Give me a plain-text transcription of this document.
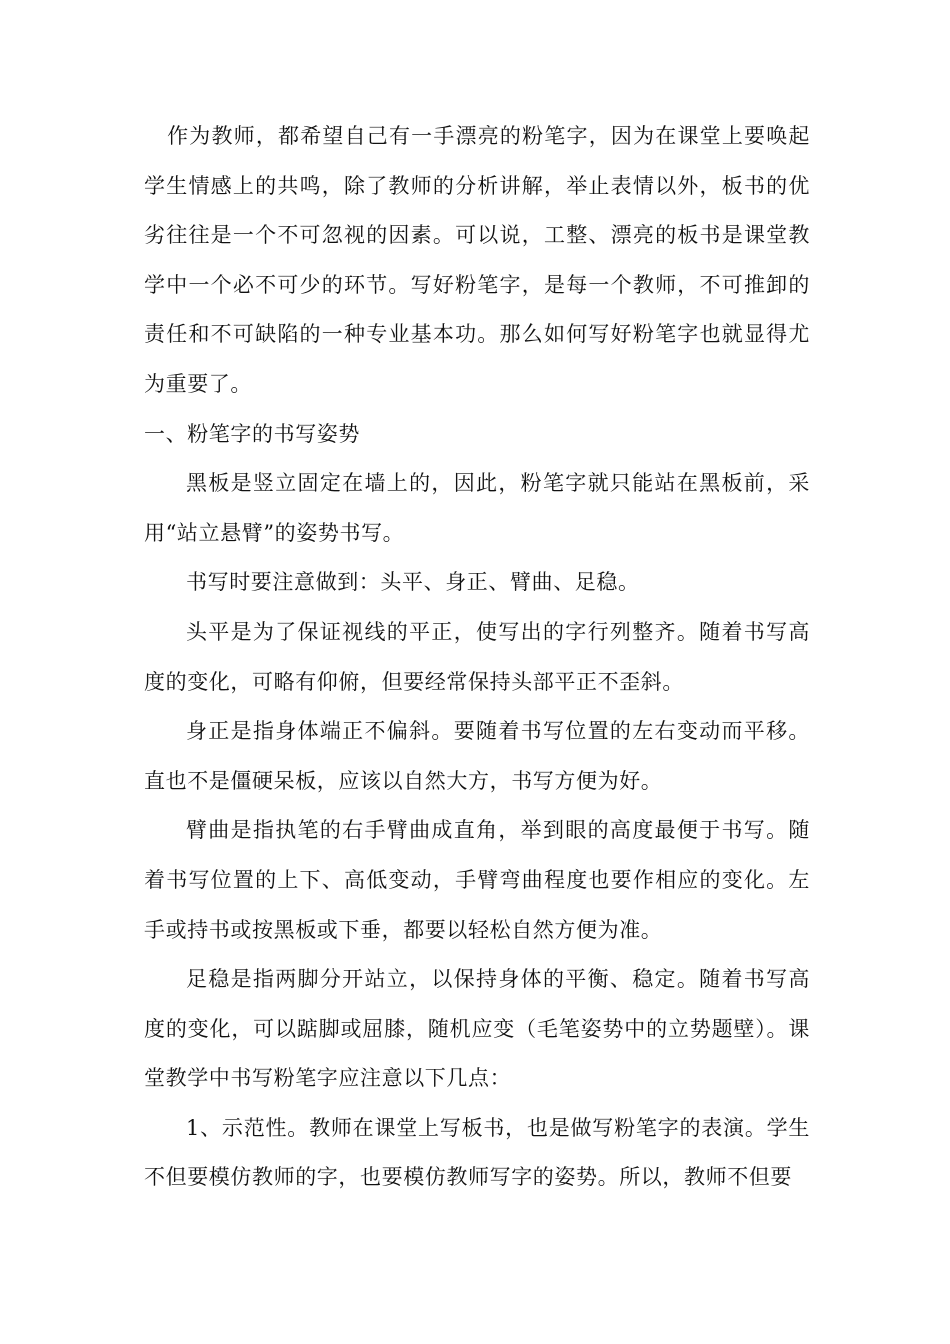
作为教师，都希望自己有一手漂亮的粉笔字，因为在课堂上要唤起学生情感上的共鸣，除了教师的分析讲解，举止表情以外，板书的优劣往往是一个不可忽视的因素。可以说，工整、漂亮的板书是课堂教学中一个必不可少的环节。写好粉笔字，是每一个教师，不可推卸的责任和不可缺陷的一种专业基本功。那么如何写好粉笔字也就显得尤为重要了。

一、粉笔字的书写姿势

黑板是竖立固定在墙上的，因此，粉笔字就只能站在黑板前，采用“站立悬臂”的姿势书写。

书写时要注意做到：头平、身正、臂曲、足稳。

头平是为了保证视线的平正，使写出的字行列整齐。随着书写高度的变化，可略有仰俯，但要经常保持头部平正不歪斜。

身正是指身体端正不偏斜。要随着书写位置的左右变动而平移。直也不是僵硬呆板，应该以自然大方，书写方便为好。

臂曲是指执笔的右手臂曲成直角，举到眼的高度最便于书写。随着书写位置的上下、高低变动，手臂弯曲程度也要作相应的变化。左手或持书或按黑板或下垂，都要以轻松自然方便为准。

足稳是指两脚分开站立，以保持身体的平衡、稳定。随着书写高度的变化，可以踮脚或屈膝，随机应变（毛笔姿势中的立势题壁）。课堂教学中书写粉笔字应注意以下几点：

1、示范性。教师在课堂上写板书，也是做写粉笔字的表演。学生不但要模仿教师的字，也要模仿教师写字的姿势。所以，教师不但要
